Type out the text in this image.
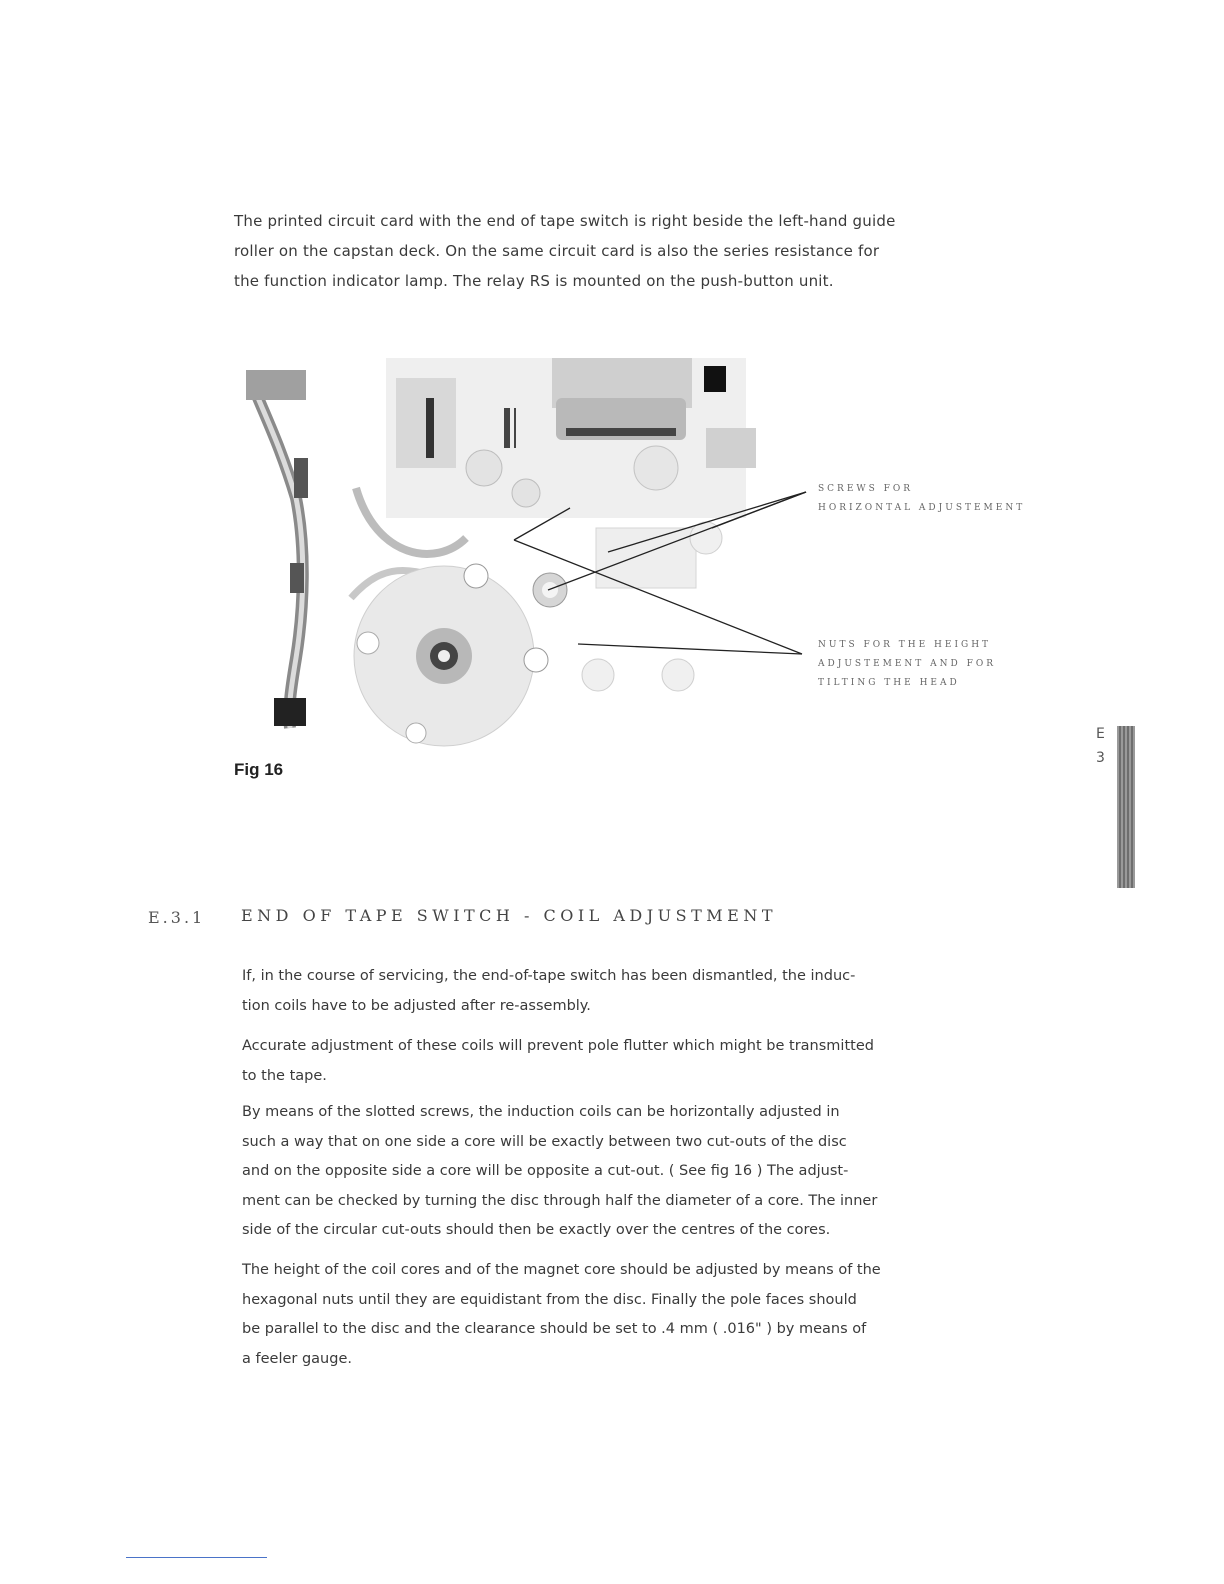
The printed circuit card with the end of tape switch is right beside the left-hand guide
roller on the capstan deck. On the same circuit card is also the series resistance for
the function indicator lamp. The relay RS is mounted on the push-button unit.
SCREWS FOR
HORIZONTAL ADJUSTEMENT
NUTS FOR THE HEIGHT
ADJUSTEMENT AND FOR
TILTING THE HEAD
Fig 16
E
3
E.3.1 END OF TAPE SWITCH - COIL ADJUSTMENT
If, in the course of servicing, the end-of-tape switch has been dismantled, the induc-
tion coils have to be adjusted after re-assembly.
Accurate adjustment of these coils will prevent pole flutter which might be transmitted
to the tape.
By means of the slotted screws, the induction coils can be horizontally adjusted in
such a way that on one side a core will be exactly between two cut-outs of the disc
and on the opposite side a core will be opposite a cut-out. ( See fig 16 ) The adjust-
ment can be checked by turning the disc through half the diameter of a core. The inner
side of the circular cut-outs should then be exactly over the centres of the cores.
The height of the coil cores and of the magnet core should be adjusted by means of the
hexagonal nuts until they are equidistant from the disc. Finally the pole faces should
be parallel to the disc and the clearance should be set to .4 mm ( .016" ) by means of
a feeler gauge.
